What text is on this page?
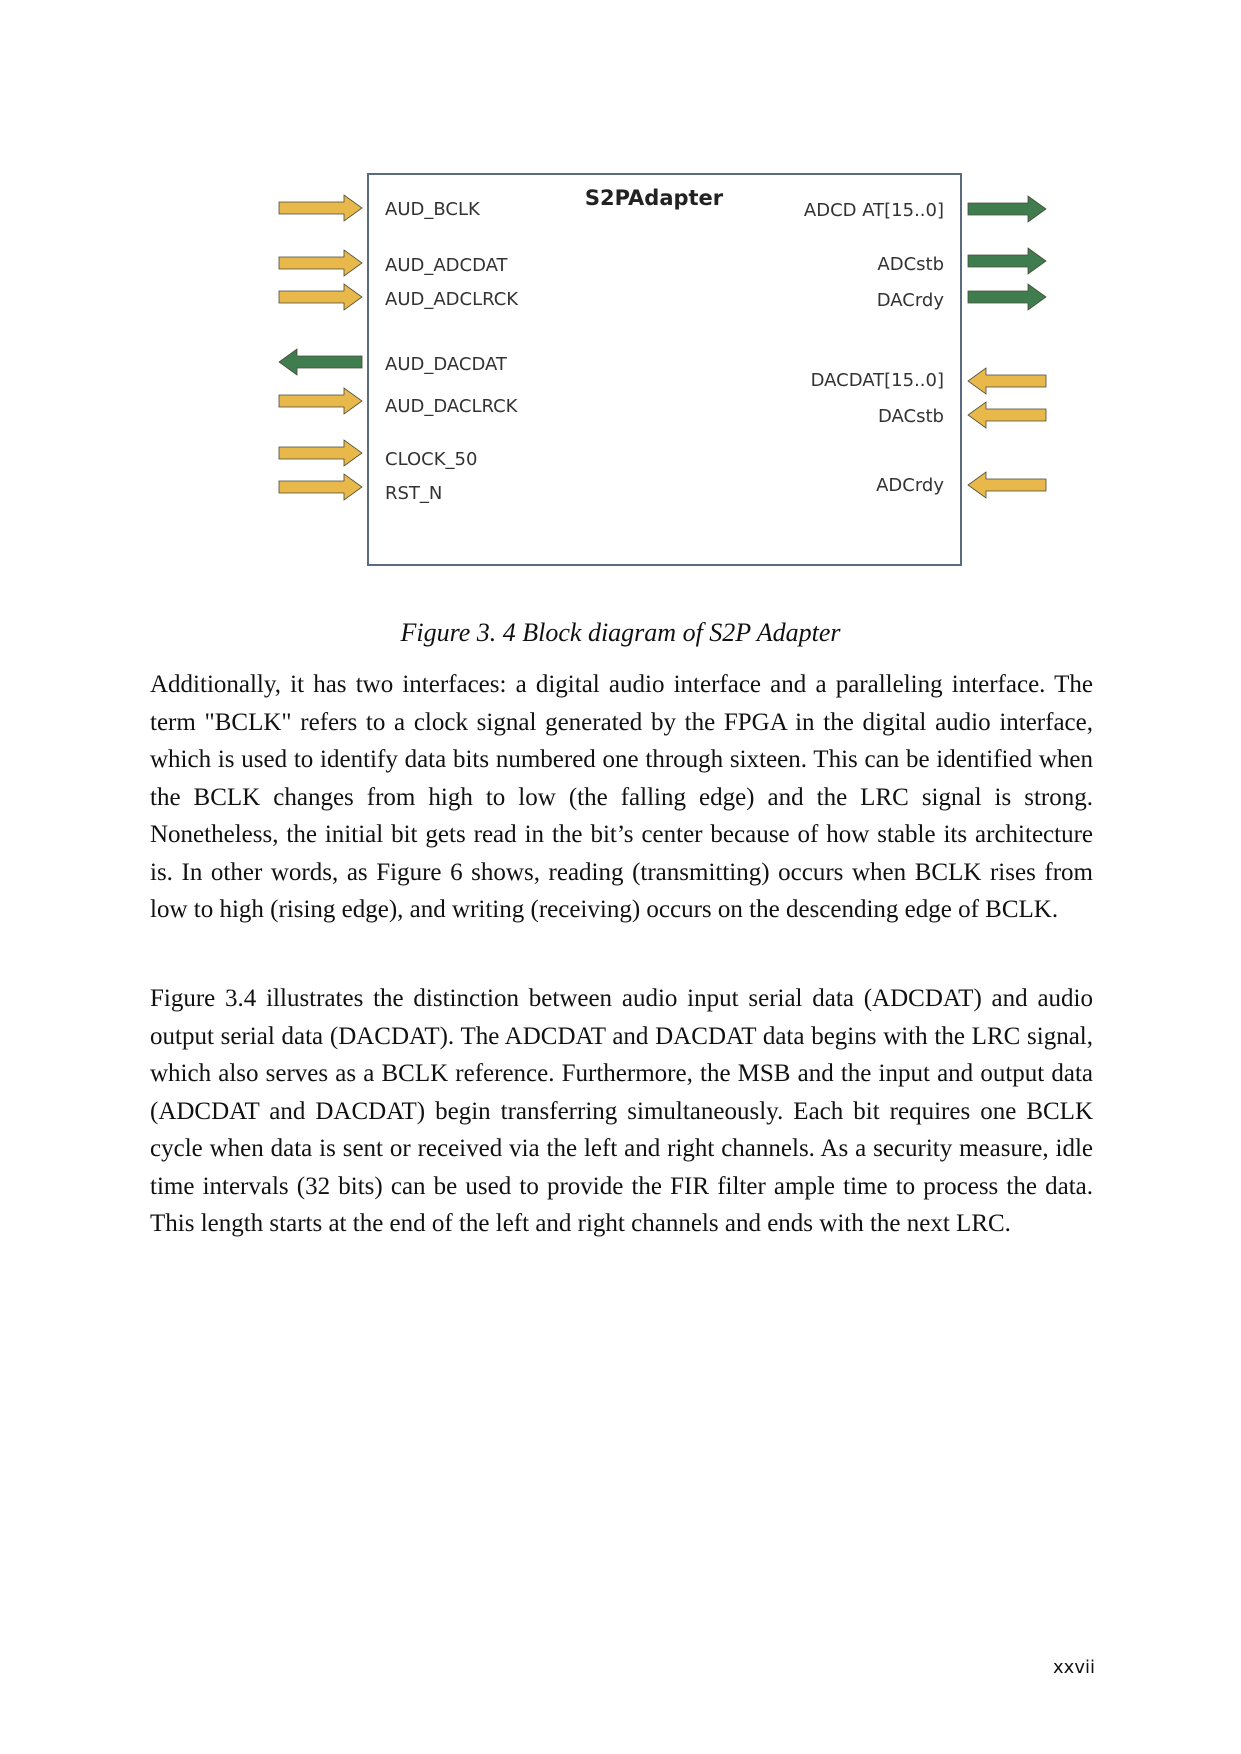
S2PAdapter
AUD_BCLK
AUD_ADCDAT
AUD_ADCLRCK
AUD_DACDAT
AUD_DACLRCK
CLOCK_50
RST_N
ADCD AT[15..0]
ADCstb
DACrdy
DACDAT[15..0]
DACstb
ADCrdy

Figure 3. 4 Block diagram of S2P Adapter

Additionally, it has two interfaces: a digital audio interface and a paralleling interface. The term "BCLK" refers to a clock signal generated by the FPGA in the digital audio interface, which is used to identify data bits numbered one through sixteen. This can be identified when the BCLK changes from high to low (the falling edge) and the LRC signal is strong. Nonetheless, the initial bit gets read in the bit’s center because of how stable its architecture is. In other words, as Figure 6 shows, reading (transmitting) occurs when BCLK rises from low to high (rising edge), and writing (receiving) occurs on the descending edge of BCLK.

Figure 3.4 illustrates the distinction between audio input serial data (ADCDAT) and audio output serial data (DACDAT). The ADCDAT and DACDAT data begins with the LRC signal, which also serves as a BCLK reference. Furthermore, the MSB and the input and output data (ADCDAT and DACDAT) begin transferring simultaneously. Each bit requires one BCLK cycle when data is sent or received via the left and right channels. As a security measure, idle time intervals (32 bits) can be used to provide the FIR filter ample time to process the data. This length starts at the end of the left and right channels and ends with the next LRC.

xxvii
